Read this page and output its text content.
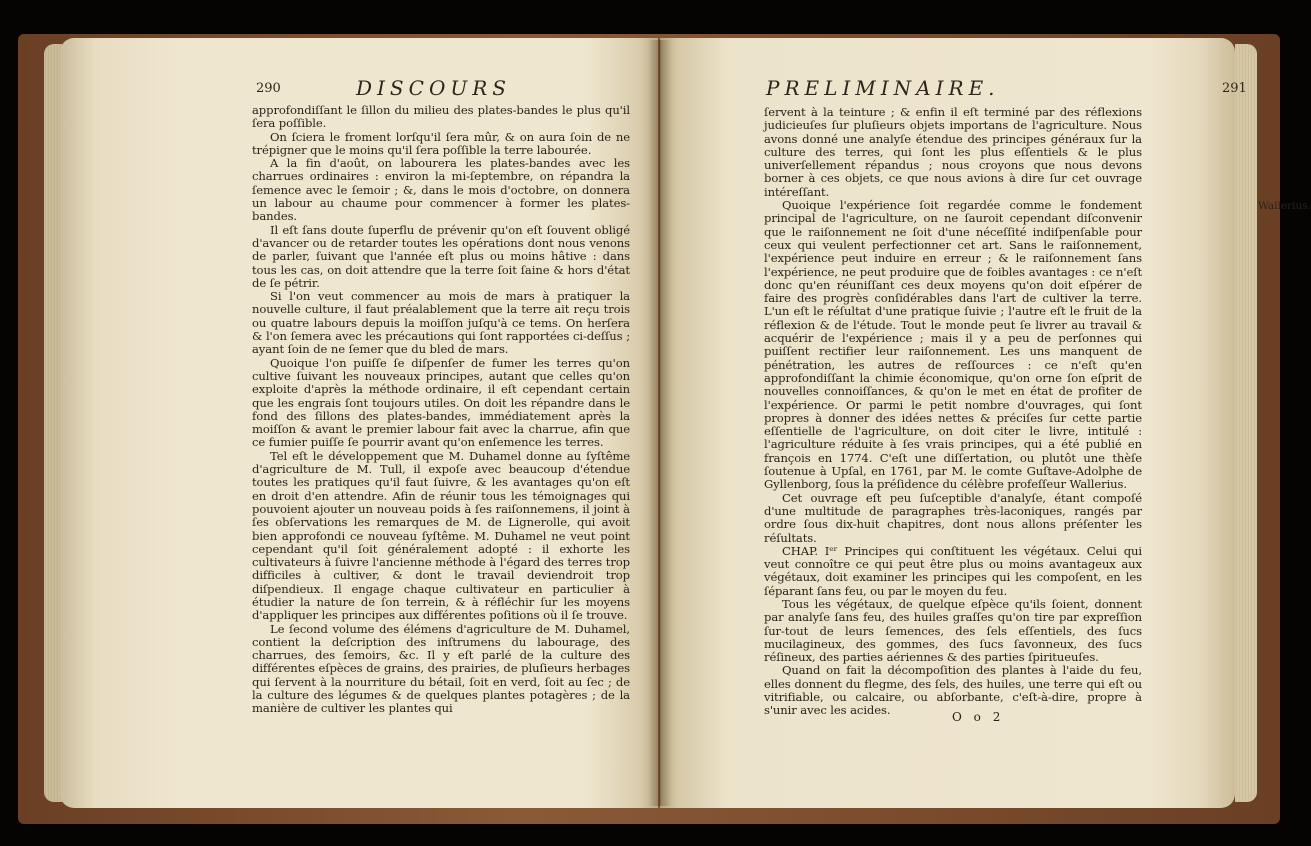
290	DISCOURS

approfondiſſant le ſillon du milieu des plates-bandes le plus qu'il ſera poſſible.

On ſciera le froment lorſqu'il ſera mûr, & on aura ſoin de ne trépigner que le moins qu'il ſera poſſible la terre labourée.

A la fin d'août, on labourera les plates-bandes avec les charrues ordinaires : environ la mi-ſeptembre, on répandra la ſemence avec le ſemoir ; &, dans le mois d'octobre, on donnera un labour au chaume pour commencer à former les plates-bandes.

Il eſt ſans doute ſuperflu de prévenir qu'on eſt ſouvent obligé d'avancer ou de retarder toutes les opérations dont nous venons de parler, ſuivant que l'année eſt plus ou moins hâtive : dans tous les cas, on doit attendre que la terre ſoit ſaine & hors d'état de ſe pétrir.

Si l'on veut commencer au mois de mars à pratiquer la nouvelle culture, il faut préalablement que la terre ait reçu trois ou quatre labours depuis la moiſſon juſqu'à ce tems. On herſera & l'on ſemera avec les précautions qui ſont rapportées ci-deſſus ; ayant ſoin de ne ſemer que du bled de mars.

Quoique l'on puiſſe ſe diſpenſer de fumer les terres qu'on cultive ſuivant les nouveaux principes, autant que celles qu'on exploite d'après la méthode ordinaire, il eſt cependant certain que les engrais ſont toujours utiles. On doit les répandre dans le fond des ſillons des plates-bandes, immédiatement après la moiſſon & avant le premier labour fait avec la charrue, afin que ce fumier puiſſe ſe pourrir avant qu'on enſemence les terres.

Tel eſt le développement que M. Duhamel donne au ſyſtême d'agriculture de M. Tull, il expoſe avec beaucoup d'étendue toutes les pratiques qu'il faut ſuivre, & les avantages qu'on eſt en droit d'en attendre. Afin de réunir tous les témoignages qui pouvoient ajouter un nouveau poids à ſes raiſonnemens, il joint à ſes obſervations les remarques de M. de Lignerolle, qui avoit bien approfondi ce nouveau ſyſtême. M. Duhamel ne veut point cependant qu'il ſoit généralement adopté : il exhorte les cultivateurs à ſuivre l'ancienne méthode à l'égard des terres trop difficiles à cultiver, & dont le travail deviendroit trop diſpendieux. Il engage chaque cultivateur en particulier à étudier la nature de ſon terrein, & à réfléchir ſur les moyens d'appliquer les principes aux différentes poſitions où il ſe trouve.

Le ſecond volume des élémens d'agriculture de M. Duhamel, contient la deſcription des inſtrumens du labourage, des charrues, des ſemoirs, &c. Il y eſt parlé de la culture des différentes eſpèces de grains, des prairies, de pluſieurs herbages qui ſervent à la nourriture du bétail, ſoit en verd, ſoit au ſec ; de la culture des légumes & de quelques plantes potagères ; de la manière de cultiver les plantes qui

PRELIMINAIRE.	291

ſervent à la teinture ; & enfin il eſt terminé par des réflexions judicieuſes ſur pluſieurs objets importans de l'agriculture. Nous avons donné une analyſe étendue des principes généraux ſur la culture des terres, qui ſont les plus eſſentiels & le plus univerſellement répandus ; nous croyons que nous devons borner à ces objets, ce que nous avions à dire ſur cet ouvrage intéreſſant.

Quoique l'expérience ſoit regardée comme le fondement principal de l'agriculture, on ne ſauroit cependant diſconvenir que le raiſonnement ne ſoit d'une néceſſité indiſpenſable pour ceux qui veulent perfectionner cet art. Sans le raiſonnement, l'expérience peut induire en erreur ; & le raiſonnement ſans l'expérience, ne peut produire que de foibles avantages : ce n'eſt donc qu'en réuniſſant ces deux moyens qu'on doit eſpérer de faire des progrès conſidérables dans l'art de cultiver la terre. L'un eſt le réſultat d'une pratique ſuivie ; l'autre eſt le fruit de la réflexion & de l'étude. Tout le monde peut ſe livrer au travail & acquérir de l'expérience ; mais il y a peu de perſonnes qui puiſſent rectifier leur raiſonnement. Les uns manquent de pénétration, les autres de reſſources : ce n'eſt qu'en approfondiſſant la chimie économique, qu'on orne ſon eſprit de nouvelles connoiſſances, & qu'on le met en état de profiter de l'expérience. Or parmi le petit nombre d'ouvrages, qui ſont propres à donner des idées nettes & préciſes ſur cette partie eſſentielle de l'agriculture, on doit citer le livre, intitulé : l'agriculture réduite à ſes vrais principes, qui a été publié en françois en 1774. C'eſt une diſſertation, ou plutôt une thèſe ſoutenue à Upſal, en 1761, par M. le comte Guſtave-Adolphe de Gyllenborg, ſous la préſidence du célèbre profeſſeur Wallerius.

Cet ouvrage eſt peu ſuſceptible d'analyſe, étant compoſé d'une multitude de paragraphes très-laconiques, rangés par ordre ſous dix-huit chapitres, dont nous allons préſenter les réſultats.

CHAP. Iᵉʳ Principes qui conſtituent les végétaux. Celui qui veut connoître ce qui peut être plus ou moins avantageux aux végétaux, doit examiner les principes qui les compoſent, en les ſéparant ſans feu, ou par le moyen du feu.

Tous les végétaux, de quelque eſpèce qu'ils ſoient, donnent par analyſe ſans feu, des huiles graſſes qu'on tire par expreſſion ſur-tout de leurs ſemences, des ſels eſſentiels, des ſucs mucilagineux, des gommes, des ſucs ſavonneux, des ſucs réſineux, des parties aériennes & des parties ſpiritueuſes.

Quand on fait la décompoſition des plantes à l'aide du feu, elles donnent du flegme, des ſels, des huiles, une terre qui eſt ou vitrifiable, ou calcaire, ou abſorbante, c'eſt-à-dire, propre à s'unir avec les acides.	O o 2
Wallerius.
